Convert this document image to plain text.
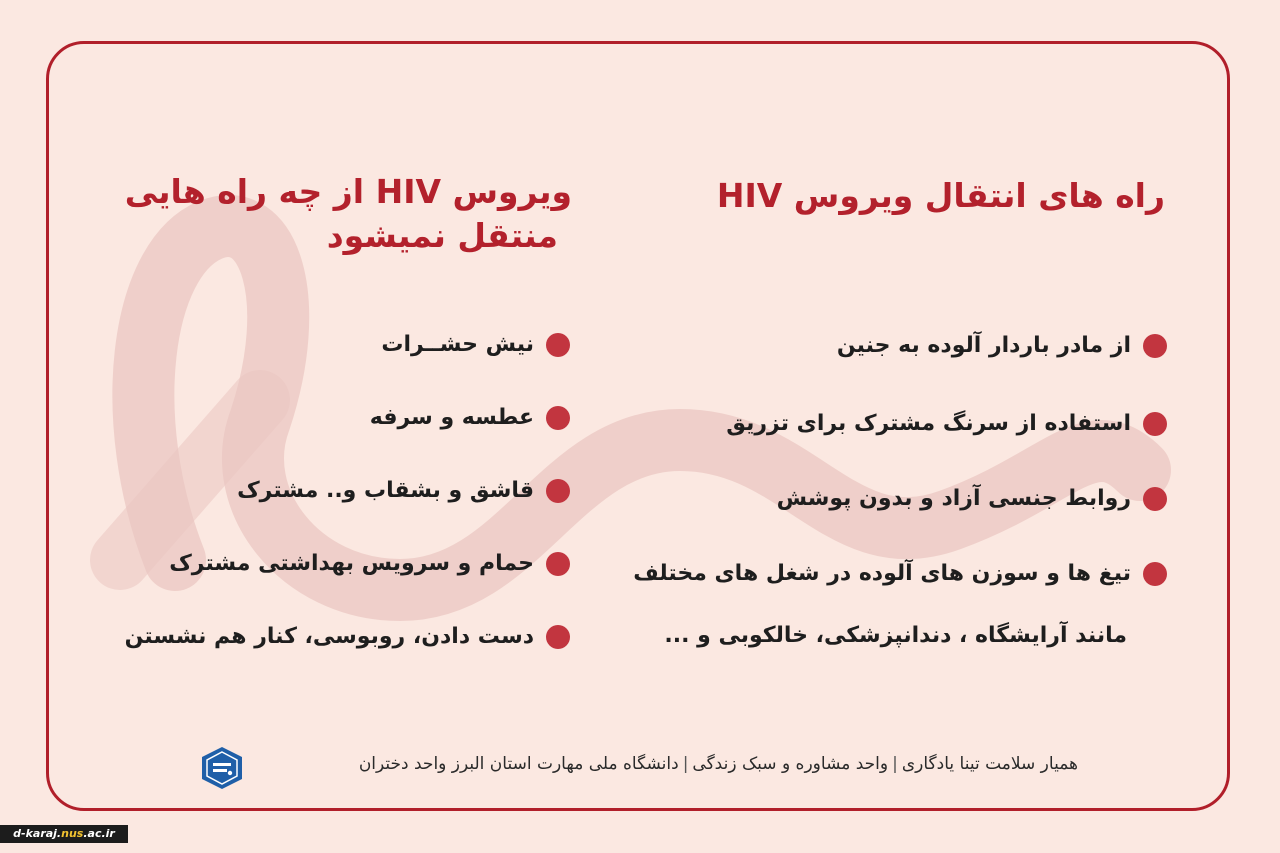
راه های انتقال ویروس HIV
ویروس HIV از چه راه هایی
منتقل نمیشود
از مادر باردار آلوده به جنین
استفاده از سرنگ مشترک برای تزریق
روابط جنسی آزاد و بدون پوشش
تیغ ها و سوزن های آلوده در شغل های مختلف
مانند آرایشگاه ، دندانپزشکی، خالکوبی و ...
نیش حشــرات
عطسه و سرفه
قاشق و بشقاب و.. مشترک
حمام و سرویس بهداشتی مشترک
دست دادن، روبوسی، کنار هم نشستن
همیار سلامت تینا یادگاری|واحد مشاوره و سبک زندگی|دانشگاه ملی مهارت استان البرز واحد دختران
d-karaj.nus.ac.ir
